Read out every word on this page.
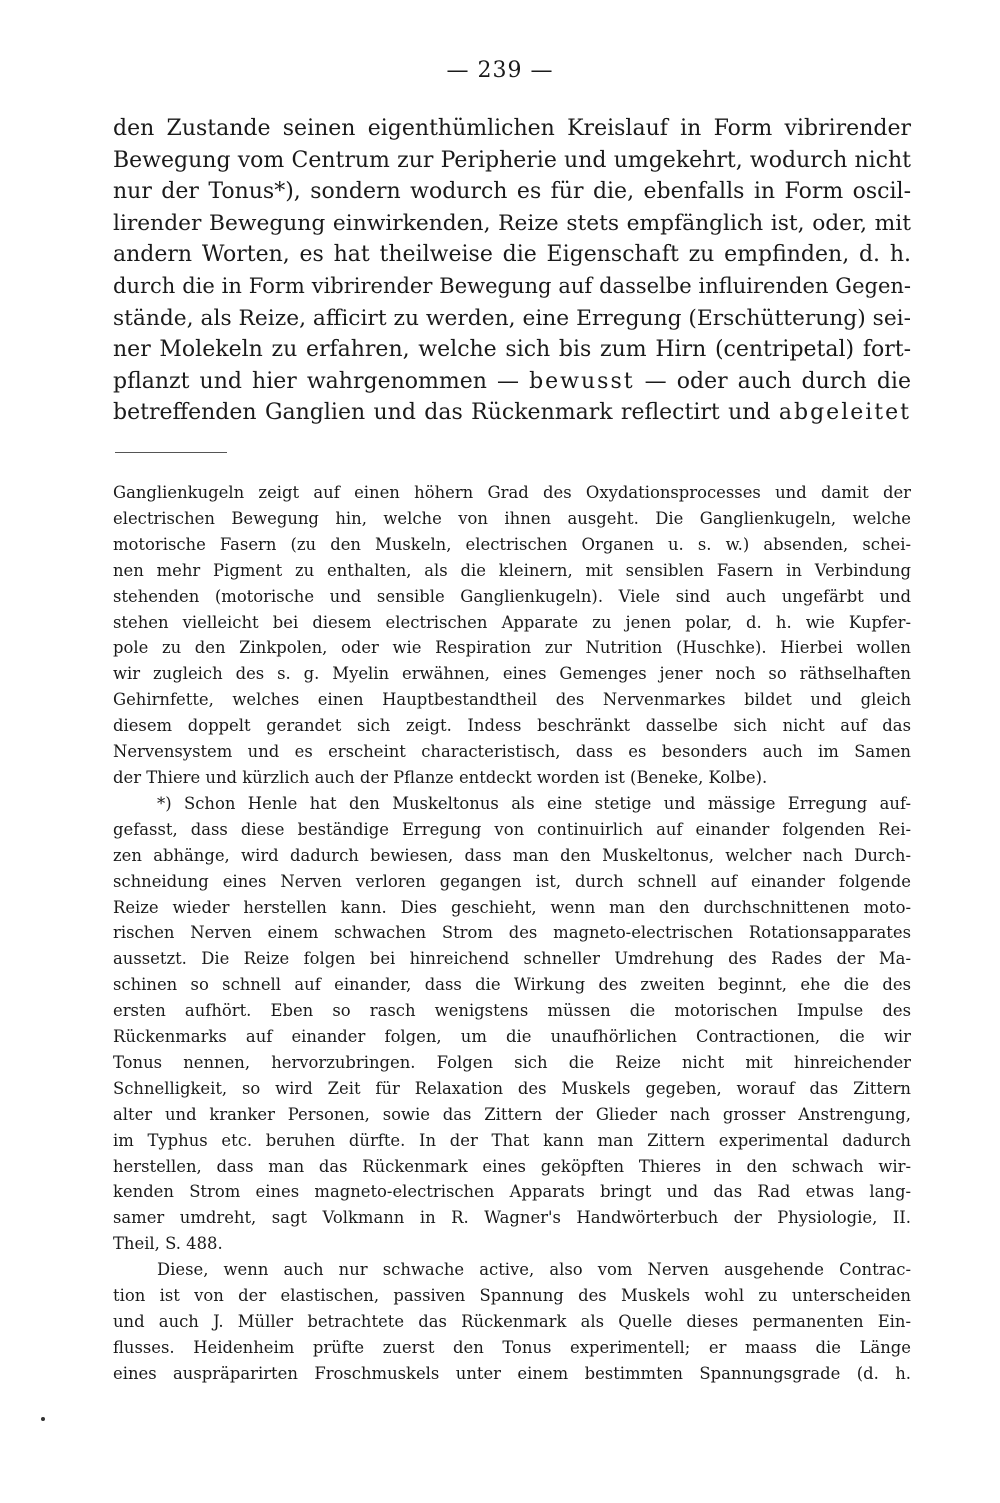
— 239 —
den Zustande seinen eigenthümlichen Kreislauf in Form vibrirender
Bewegung vom Centrum zur Peripherie und umgekehrt, wodurch nicht
nur der Tonus*), sondern wodurch es für die, ebenfalls in Form oscil-
lirender Bewegung einwirkenden, Reize stets empfänglich ist, oder, mit
andern Worten, es hat theilweise die Eigenschaft zu empfinden, d. h.
durch die in Form vibrirender Bewegung auf dasselbe influirenden Gegen-
stände, als Reize, afficirt zu werden, eine Erregung (Erschütterung) sei-
ner Molekeln zu erfahren, welche sich bis zum Hirn (centripetal) fort-
pflanzt und hier wahrgenommen — bewusst — oder auch durch die
betreffenden Ganglien und das Rückenmark reflectirt und abgeleitet
Ganglienkugeln zeigt auf einen höhern Grad des Oxydationsprocesses und damit der
electrischen Bewegung hin, welche von ihnen ausgeht. Die Ganglienkugeln, welche
motorische Fasern (zu den Muskeln, electrischen Organen u. s. w.) absenden, schei-
nen mehr Pigment zu enthalten, als die kleinern, mit sensiblen Fasern in Verbindung
stehenden (motorische und sensible Ganglienkugeln). Viele sind auch ungefärbt und
stehen vielleicht bei diesem electrischen Apparate zu jenen polar, d. h. wie Kupfer-
pole zu den Zinkpolen, oder wie Respiration zur Nutrition (Huschke). Hierbei wollen
wir zugleich des s. g. Myelin erwähnen, eines Gemenges jener noch so räthselhaften
Gehirnfette, welches einen Hauptbestandtheil des Nervenmarkes bildet und gleich
diesem doppelt gerandet sich zeigt. Indess beschränkt dasselbe sich nicht auf das
Nervensystem und es erscheint characteristisch, dass es besonders auch im Samen
der Thiere und kürzlich auch der Pflanze entdeckt worden ist (Beneke, Kolbe).
*) Schon Henle hat den Muskeltonus als eine stetige und mässige Erregung auf-
gefasst, dass diese beständige Erregung von continuirlich auf einander folgenden Rei-
zen abhänge, wird dadurch bewiesen, dass man den Muskeltonus, welcher nach Durch-
schneidung eines Nerven verloren gegangen ist, durch schnell auf einander folgende
Reize wieder herstellen kann. Dies geschieht, wenn man den durchschnittenen moto-
rischen Nerven einem schwachen Strom des magneto-electrischen Rotationsapparates
aussetzt. Die Reize folgen bei hinreichend schneller Umdrehung des Rades der Ma-
schinen so schnell auf einander, dass die Wirkung des zweiten beginnt, ehe die des
ersten aufhört. Eben so rasch wenigstens müssen die motorischen Impulse des
Rückenmarks auf einander folgen, um die unaufhörlichen Contractionen, die wir
Tonus nennen, hervorzubringen. Folgen sich die Reize nicht mit hinreichender
Schnelligkeit, so wird Zeit für Relaxation des Muskels gegeben, worauf das Zittern
alter und kranker Personen, sowie das Zittern der Glieder nach grosser Anstrengung,
im Typhus etc. beruhen dürfte. In der That kann man Zittern experimental dadurch
herstellen, dass man das Rückenmark eines geköpften Thieres in den schwach wir-
kenden Strom eines magneto-electrischen Apparats bringt und das Rad etwas lang-
samer umdreht, sagt Volkmann in R. Wagner's Handwörterbuch der Physiologie, II.
Theil, S. 488.
Diese, wenn auch nur schwache active, also vom Nerven ausgehende Contrac-
tion ist von der elastischen, passiven Spannung des Muskels wohl zu unterscheiden
und auch J. Müller betrachtete das Rückenmark als Quelle dieses permanenten Ein-
flusses. Heidenheim prüfte zuerst den Tonus experimentell; er maass die Länge
eines auspräparirten Froschmuskels unter einem bestimmten Spannungsgrade (d. h.
